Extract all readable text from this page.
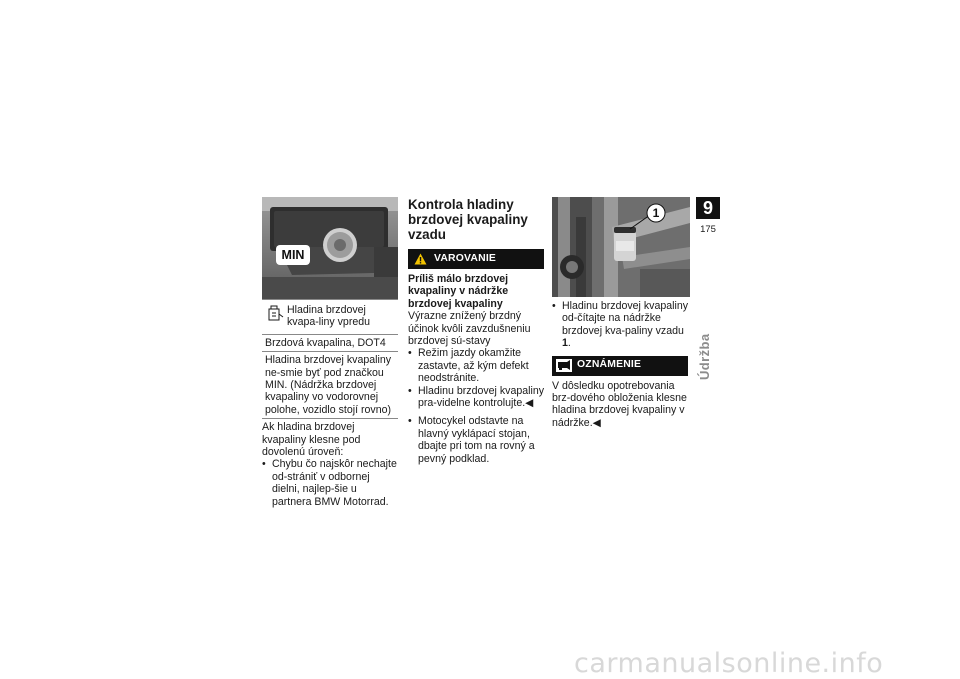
MIN
Hladina brzdovej kvapa-liny vpredu
Brzdová kvapalina, DOT4
Hladina brzdovej kvapaliny ne-smie byť pod značkou MIN. (Nádržka brzdovej kvapaliny vo vodorovnej polohe, vozidlo stojí rovno)

Ak hladina brzdovej kvapaliny klesne pod dovolenú úroveň:

• Chybu čo najskôr nechajte od-strániť v odbornej dielni, najlep-šie u partnera BMW Motorrad.
Kontrola hladiny brzdovej kvapaliny vzadu
VAROVANIE

Príliš málo brzdovej kvapaliny v nádržke brzdovej kvapaliny

Výrazne znížený brzdný účinok kvôli zavzdušneniu brzdovej sú-stavy

• Režim jazdy okamžite zastavte, až kým defekt neodstránite.
• Hladinu brzdovej kvapaliny pra-videlne kontrolujte.◀
• Motocykel odstavte na hlavný vyklápací stojan, dbajte pri tom na rovný a pevný podklad.
1
• Hladinu brzdovej kvapaliny od-čítajte na nádržke brzdovej kva-paliny vzadu 1.
OZNÁMENIE

V dôsledku opotrebovania brz-dového obloženia klesne hladina brzdovej kvapaliny v nádržke.◀

9
175
Údržba
carmanualsonline.info
